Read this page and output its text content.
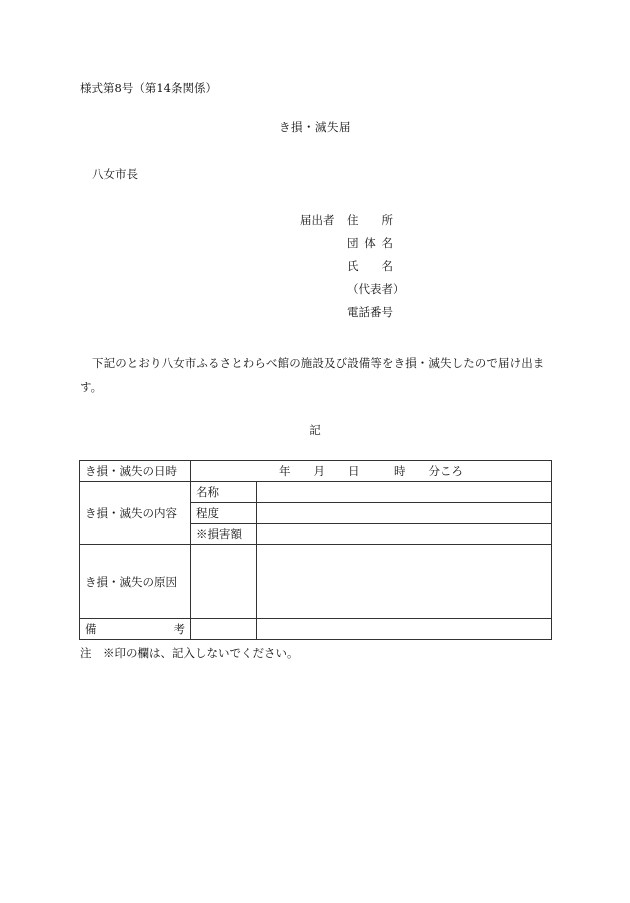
様式第8号（第14条関係）
き損・滅失届
八女市長
届出者 住　所
団 体 名
氏　名
（代表者）
電話番号
下記のとおり八女市ふるさとわらべ館の施設及び設備等をき損・滅失したので届け出ます。
記
き損・滅失の日時	年　　月　　日　　　時　　分ころ	
き損・滅失の内容	名称	
	程度	
	※損害額	
き損・滅失の原因		

備 考		

注　※印の欄は、記入しないでください。
